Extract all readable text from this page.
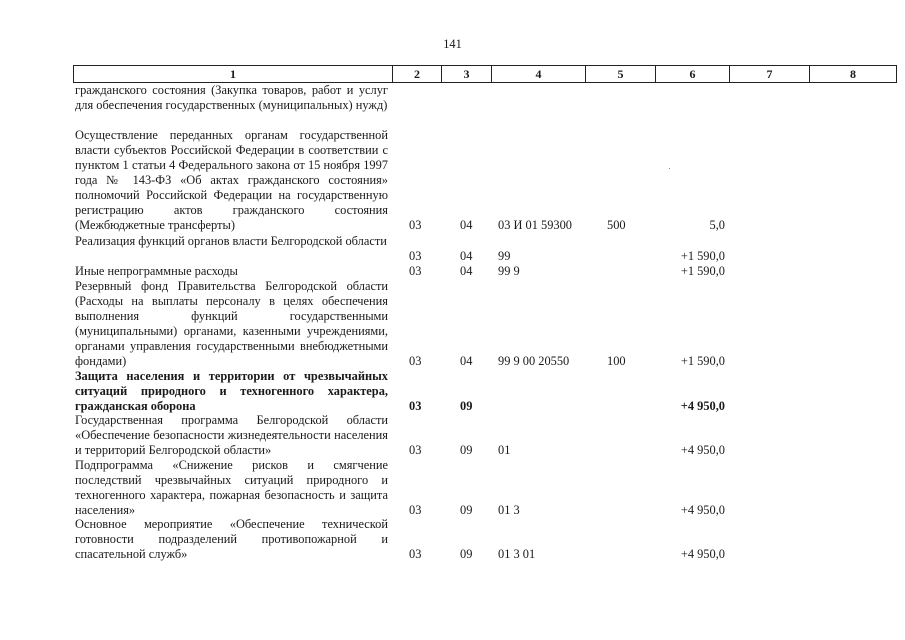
141
1	2	3	4	5	6	7	8
гражданского состояния (Закупка товаров, работ и услуг для обеспечения государственных (муниципальных) нужд)
Осуществление переданных органам государственной власти субъектов Российской Федерации в соответствии с пунктом 1 статьи 4 Федерального закона от 15 ноября 1997 года № 143-ФЗ «Об актах гражданского состояния» полномочий Российской Федерации на государственную регистрацию актов гражданского состояния (Межбюджетные трансферты)	03	04 03 И 01 59300	500	5,0
Реализация функций органов власти Белгородской области
03	04 99	+1 590,0
Иные непрограммные расходы	03	04 99 9	+1 590,0
Резервный фонд Правительства Белгородской области (Расходы на выплаты персоналу в целях обеспечения выполнения функций государственными (муниципальными) органами, казенными учреждениями, органами управления государственными внебюджетными фондами)	03	04 99 9 00 20550	100	+1 590,0
Защита населения и территории от чрезвычайных ситуаций природного и техногенного характера, гражданская оборона	03	09	+4 950,0
Государственная программа Белгородской области «Обеспечение безопасности жизнедеятельности населения и территорий Белгородской области»	03	09 01	+4 950,0
Подпрограмма «Снижение рисков и смягчение последствий чрезвычайных ситуаций природного и техногенного характера, пожарная безопасность и защита населения»	03	09 01 3	+4 950,0
Основное мероприятие «Обеспечение технической готовности подразделений противопожарной и спасательной служб»	03	09 01 3 01	+4 950,0
